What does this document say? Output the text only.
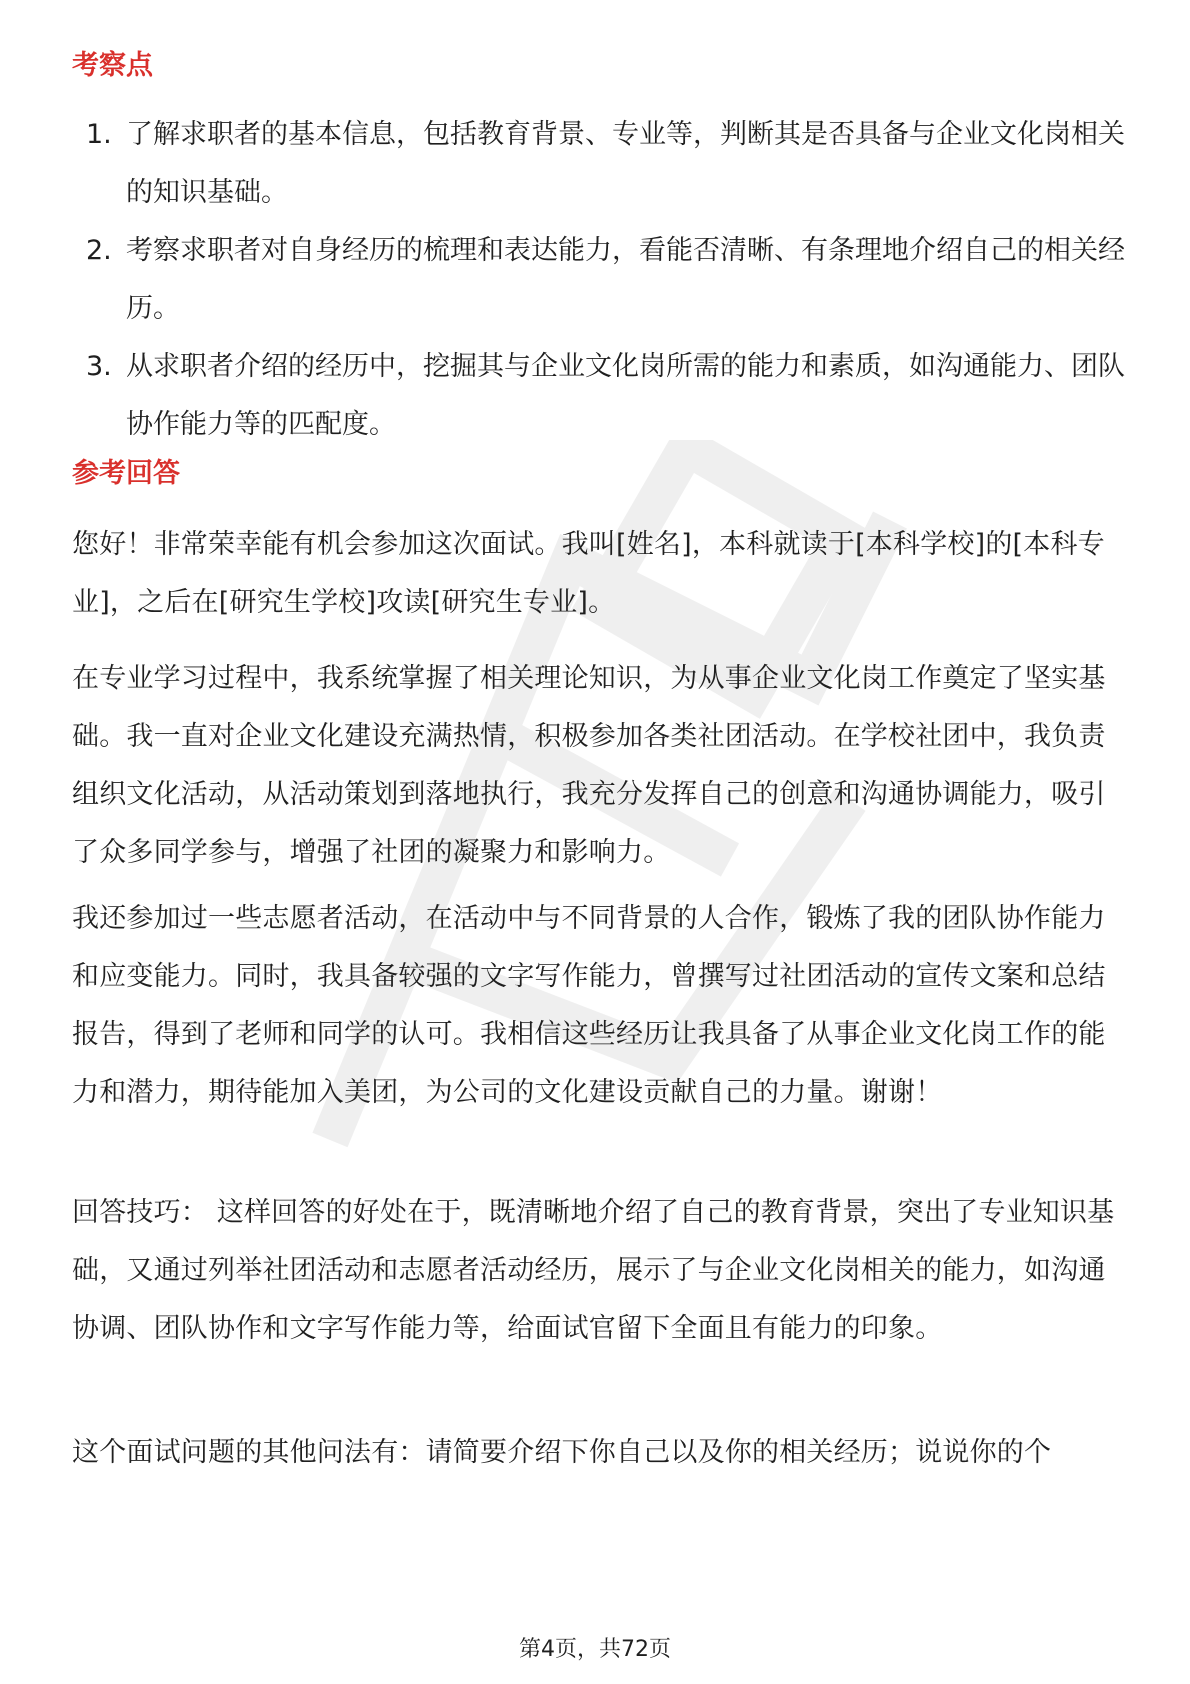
考察点
1. 了解求职者的基本信息，包括教育背景、专业等，判断其是否具备与企业文化岗相关的知识基础。
2. 考察求职者对自身经历的梳理和表达能力，看能否清晰、有条理地介绍自己的相关经历。
3. 从求职者介绍的经历中，挖掘其与企业文化岗所需的能力和素质，如沟通能力、团队协作能力等的匹配度。
参考回答

您好！非常荣幸能有机会参加这次面试。我叫[姓名]，本科就读于[本科学校]的[本科专业]，之后在[研究生学校]攻读[研究生专业]。

在专业学习过程中，我系统掌握了相关理论知识，为从事企业文化岗工作奠定了坚实基础。我一直对企业文化建设充满热情，积极参加各类社团活动。在学校社团中，我负责组织文化活动，从活动策划到落地执行，我充分发挥自己的创意和沟通协调能力，吸引了众多同学参与，增强了社团的凝聚力和影响力。

我还参加过一些志愿者活动，在活动中与不同背景的人合作，锻炼了我的团队协作能力和应变能力。同时，我具备较强的文字写作能力，曾撰写过社团活动的宣传文案和总结报告，得到了老师和同学的认可。我相信这些经历让我具备了从事企业文化岗工作的能力和潜力，期待能加入美团，为公司的文化建设贡献自己的力量。谢谢！

回答技巧： 这样回答的好处在于，既清晰地介绍了自己的教育背景，突出了专业知识基础，又通过列举社团活动和志愿者活动经历，展示了与企业文化岗相关的能力，如沟通协调、团队协作和文字写作能力等，给面试官留下全面且有能力的印象。

这个面试问题的其他问法有：请简要介绍下你自己以及你的相关经历；说说你的个

第4页，共72页
